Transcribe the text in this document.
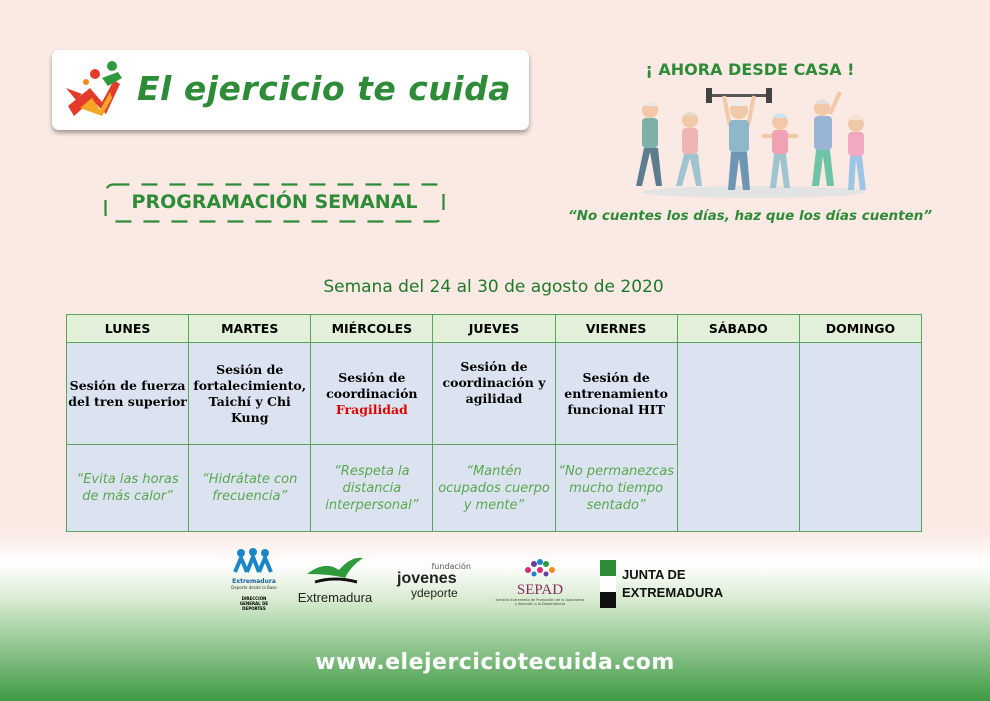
El ejercicio te cuida
PROGRAMACIÓN SEMANAL
¡ AHORA DESDE CASA !
“No cuentes los días, haz que los días cuenten”
Semana del 24 al 30 de agosto de 2020
LUNES	MARTES	MIÉRCOLES	JUEVES	VIERNES	SÁBADO	DOMINGO
Sesión de fuerza
del tren superior	Sesión de
fortalecimiento,
Taichí y Chi Kung	Sesión de
coordinación
Fragilidad	Sesión de
coordinación y
agilidad	Sesión de
entrenamiento
funcional HIT		
“Evita las horas
de más calor”	“Hidrátate con
frecuencia”	“Respeta la
distancia
interpersonal”	“Mantén
ocupados cuerpo
y mente”	“No permanezcas
mucho tiempo
sentado”		
Extremadura
Deporte desde la Base
DIRECCIÓN GENERAL DE DEPORTES
Extremadura
fundación
jovenes
ydeporte	SEPAD
Servicio Extremeño de Promoción de la Autonomía y Atención a la Dependencia
JUNTA DE
EXTREMADURA
www.elejerciciotecuida.com
